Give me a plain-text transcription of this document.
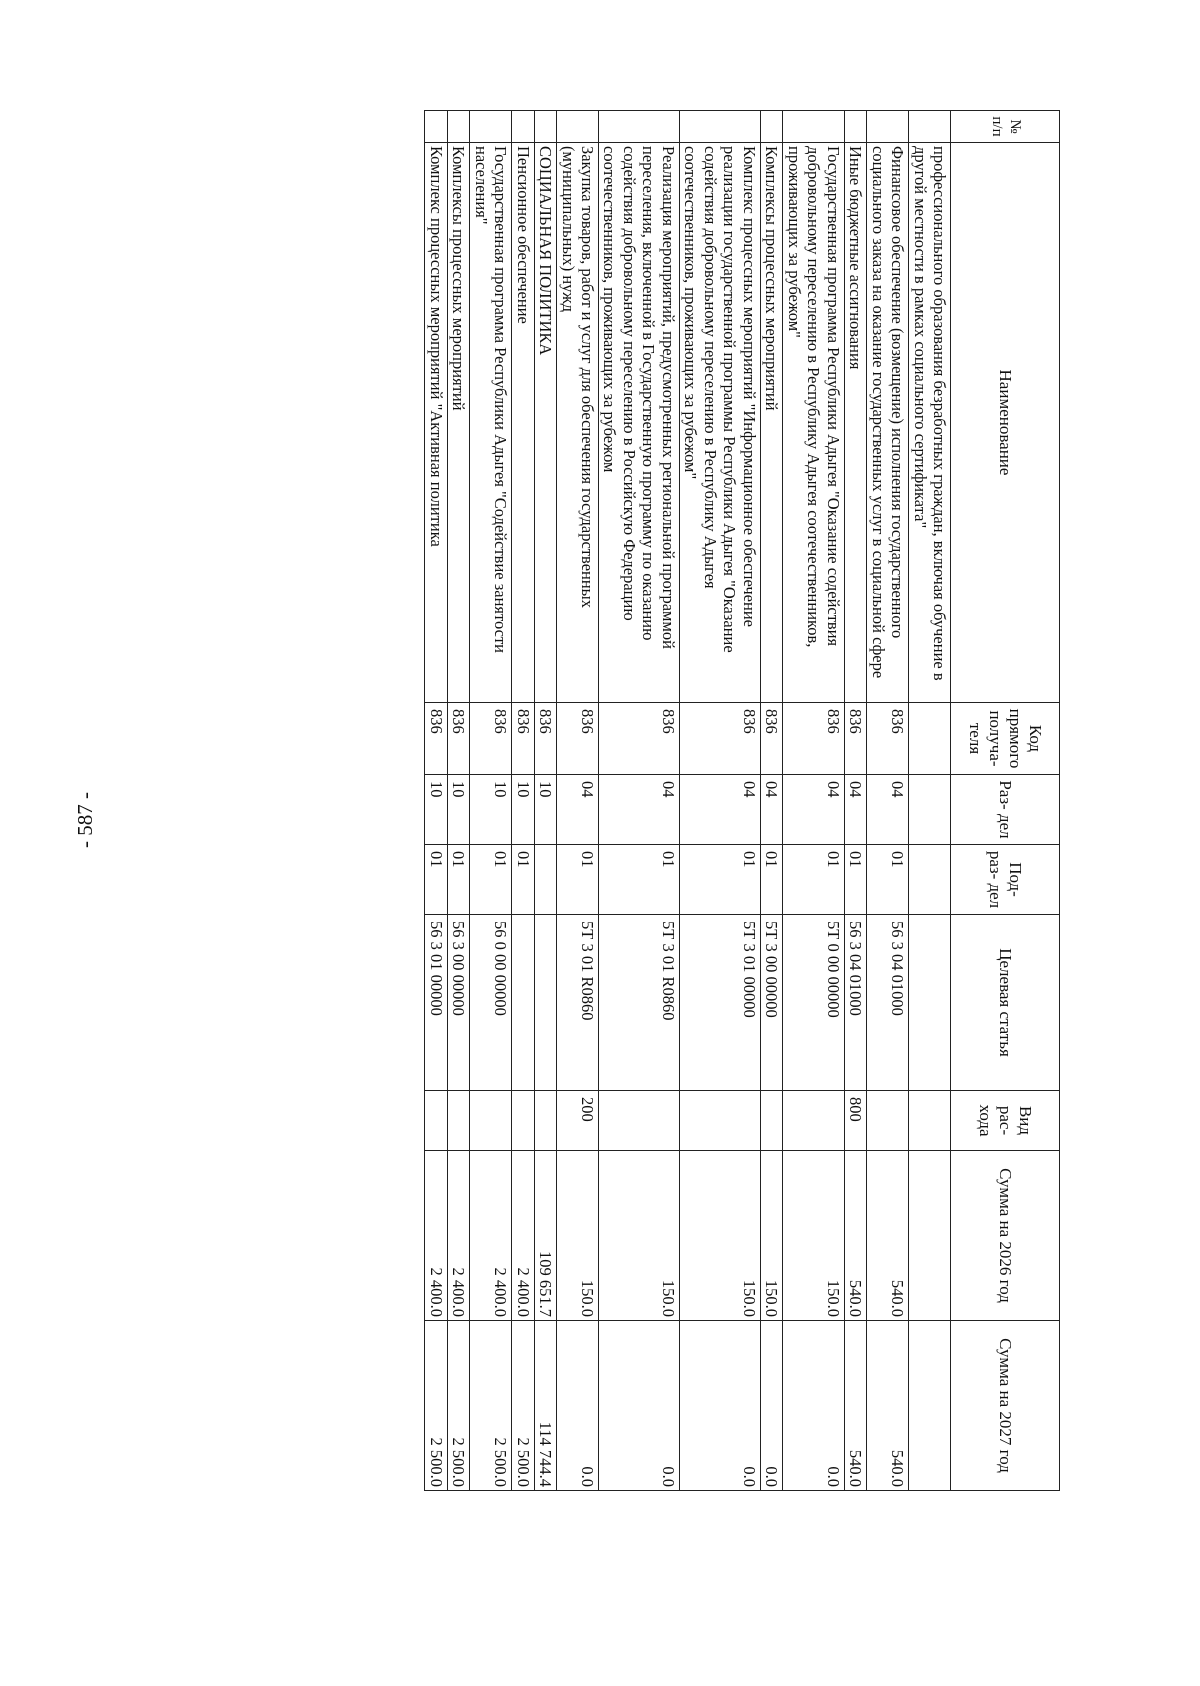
- 587 -
№ п/п	Наименование	Код прямого получа- теля	Раз- дел	Под- раз- дел	Целевая статья	Вид рас- хода	Сумма на 2026 год	Сумма на 2027 год
	профессионального образования безработных граждан, включая обучение в другой местности в рамках социального сертификата"							
	Финансовое обеспечение (возмещение) исполнения государственного социального заказа на оказание государственных услуг в социальной сфере	836	04	01	56 3 04 01000		540.0	540.0
	Иные бюджетные ассигнования	836	04	01	56 3 04 01000	800	540.0	540.0
	Государственная программа Республики Адыгея "Оказание содействия добровольному переселению в Республику Адыгея соотечественников, проживающих за рубежом"	836	04	01	5Т 0 00 00000		150.0	0.0
	Комплексы процессных мероприятий	836	04	01	5Т 3 00 00000		150.0	0.0
	Комплекс процессных мероприятий "Информационное обеспечение реализации государственной программы Республики Адыгея "Оказание содействия добровольному переселению в Республику Адыгея соотечественников, проживающих за рубежом"	836	04	01	5Т 3 01 00000		150.0	0.0
	Реализация мероприятий, предусмотренных региональной программой переселения, включенной в Государственную программу по оказанию содействия добровольному переселению в Российскую Федерацию соотечественников, проживающих за рубежом	836	04	01	5Т 3 01 R0860		150.0	0.0
	Закупка товаров, работ и услуг для обеспечения государственных (муниципальных) нужд	836	04	01	5Т 3 01 R0860	200	150.0	0.0
	СОЦИАЛЬНАЯ ПОЛИТИКА	836	10				109 651.7	114 744.4
	Пенсионное обеспечение	836	10	01			2 400.0	2 500.0
	Государственная программа Республики Адыгея "Содействие занятости населения"	836	10	01	56 0 00 00000		2 400.0	2 500.0
	Комплексы процессных мероприятий	836	10	01	56 3 00 00000		2 400.0	2 500.0
	Комплекс процессных мероприятий "Активная политика	836	10	01	56 3 01 00000		2 400.0	2 500.0
